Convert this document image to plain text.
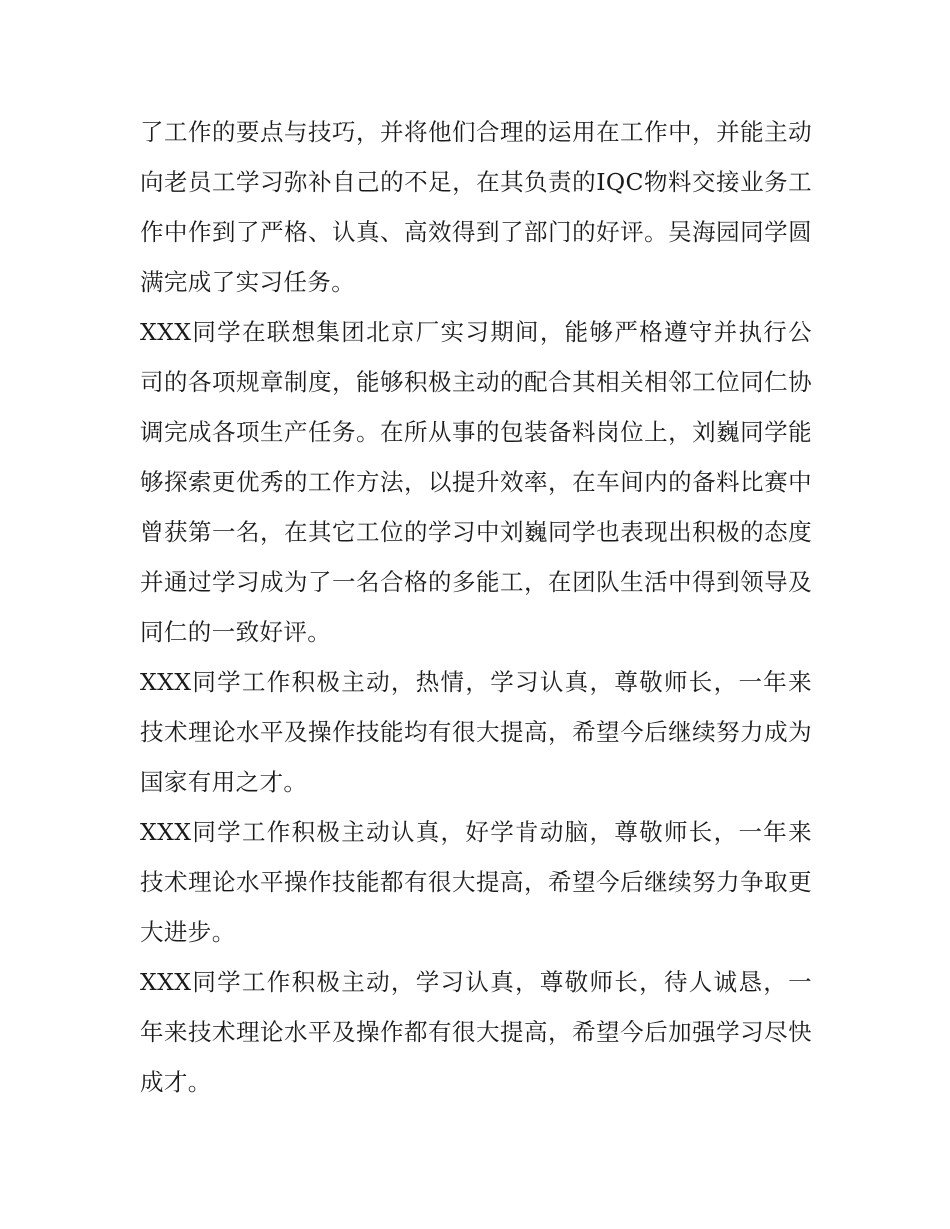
了工作的要点与技巧，并将他们合理的运用在工作中，并能主动向老员工学习弥补自己的不足，在其负责的IQC物料交接业务工作中作到了严格、认真、高效得到了部门的好评。吴海园同学圆满完成了实习任务。

XXX同学在联想集团北京厂实习期间，能够严格遵守并执行公司的各项规章制度，能够积极主动的配合其相关相邻工位同仁协调完成各项生产任务。在所从事的包装备料岗位上，刘巍同学能够探索更优秀的工作方法，以提升效率，在车间内的备料比赛中曾获第一名，在其它工位的学习中刘巍同学也表现出积极的态度并通过学习成为了一名合格的多能工，在团队生活中得到领导及同仁的一致好评。

XXX同学工作积极主动，热情，学习认真，尊敬师长，一年来技术理论水平及操作技能均有很大提高，希望今后继续努力成为国家有用之才。

XXX同学工作积极主动认真，好学肯动脑，尊敬师长，一年来技术理论水平操作技能都有很大提高，希望今后继续努力争取更大进步。

XXX同学工作积极主动，学习认真，尊敬师长，待人诚恳，一年来技术理论水平及操作都有很大提高，希望今后加强学习尽快成才。
